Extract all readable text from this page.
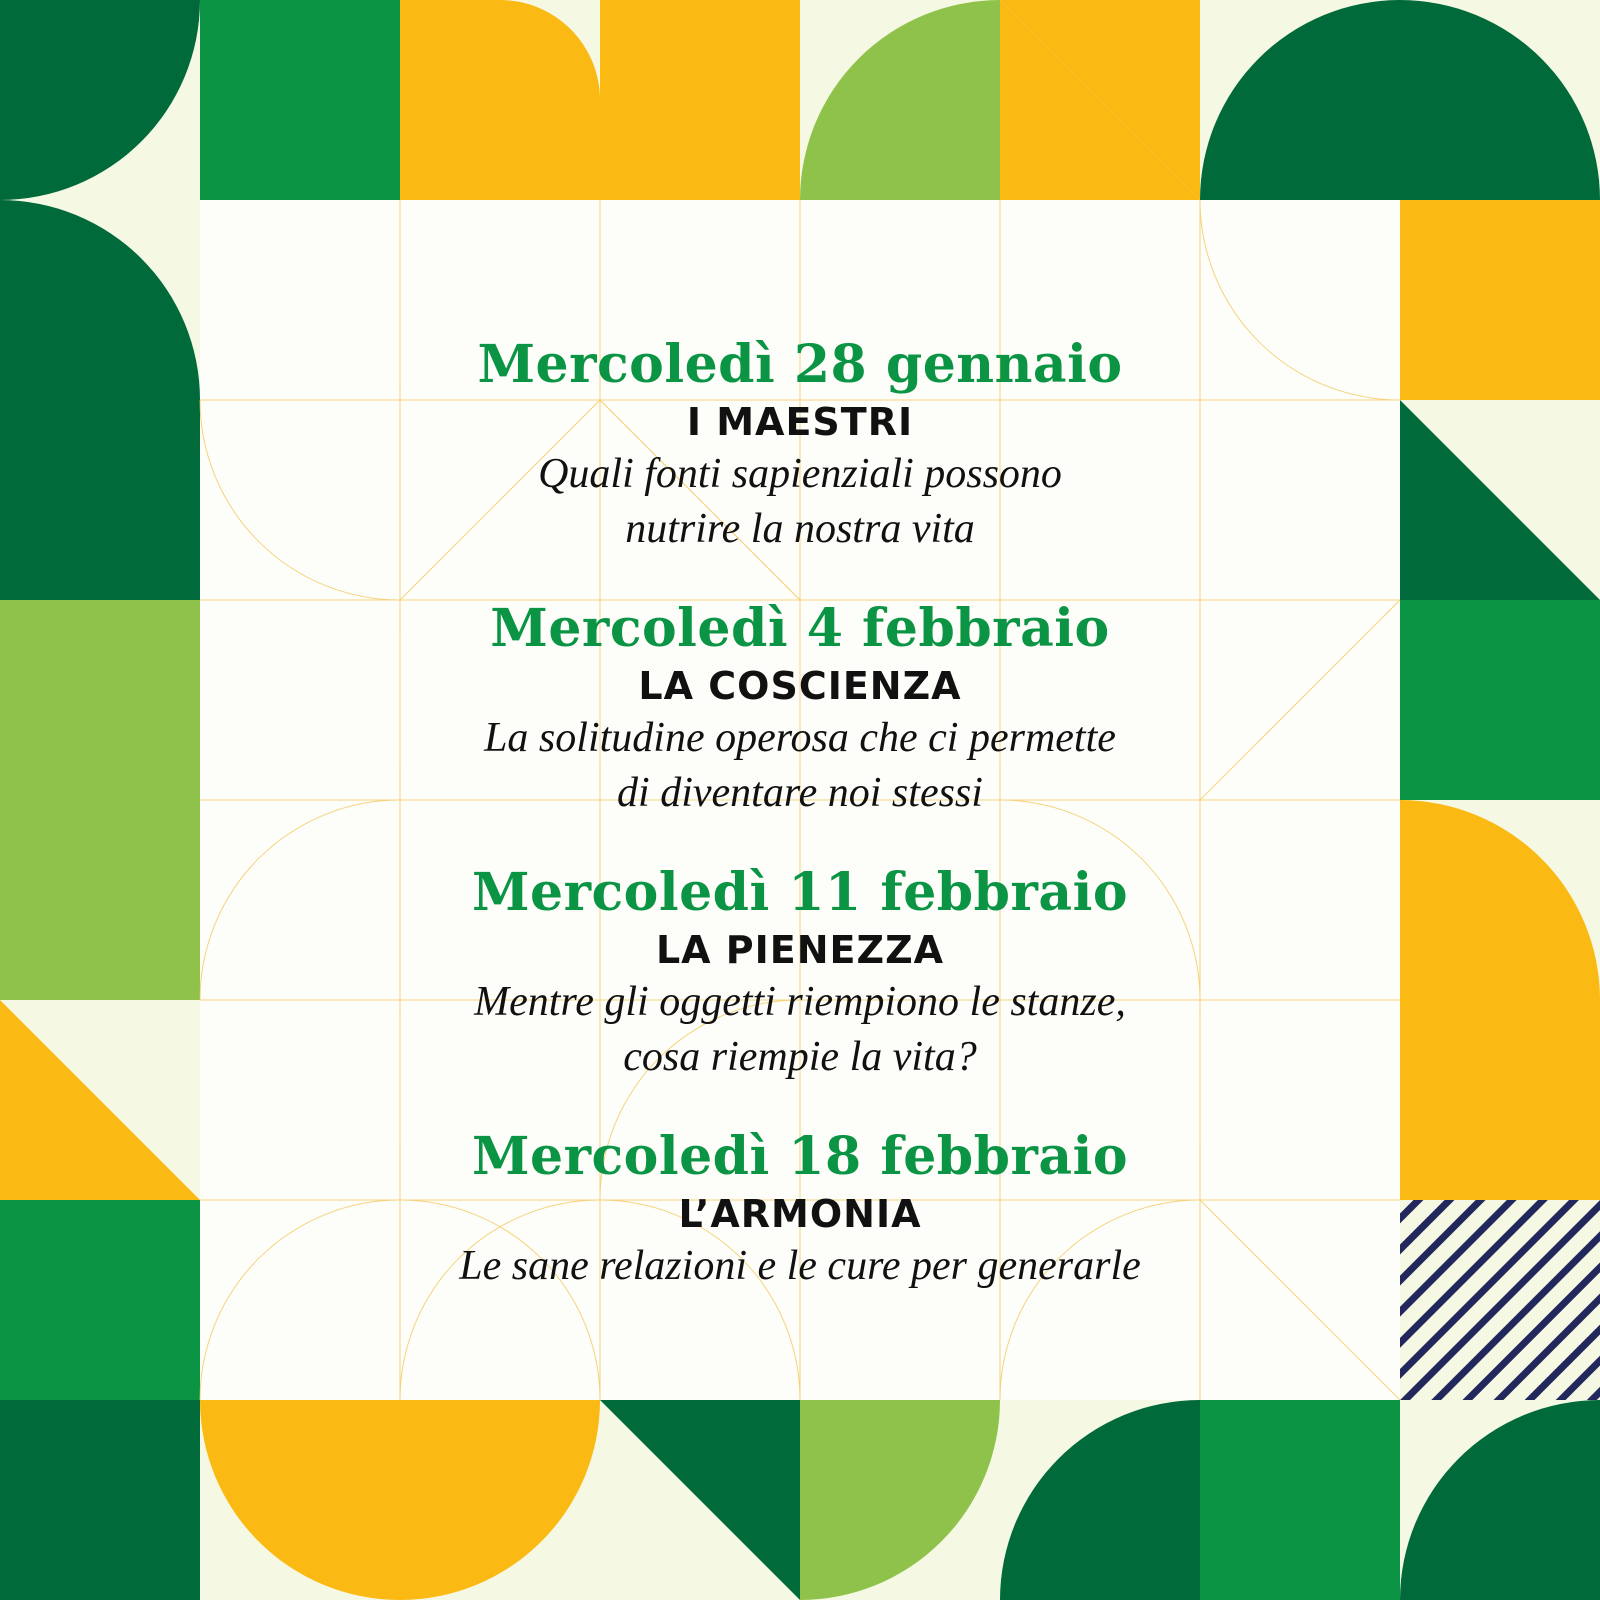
Mercoledì 28 gennaio
I MAESTRI
Quali fonti sapienziali possono
nutrire la nostra vita
Mercoledì 4 febbraio
LA COSCIENZA
La solitudine operosa che ci permette
di diventare noi stessi
Mercoledì 11 febbraio
LA PIENEZZA
Mentre gli oggetti riempiono le stanze,
cosa riempie la vita?
Mercoledì 18 febbraio
L’ARMONIA
Le sane relazioni e le cure per generarle
